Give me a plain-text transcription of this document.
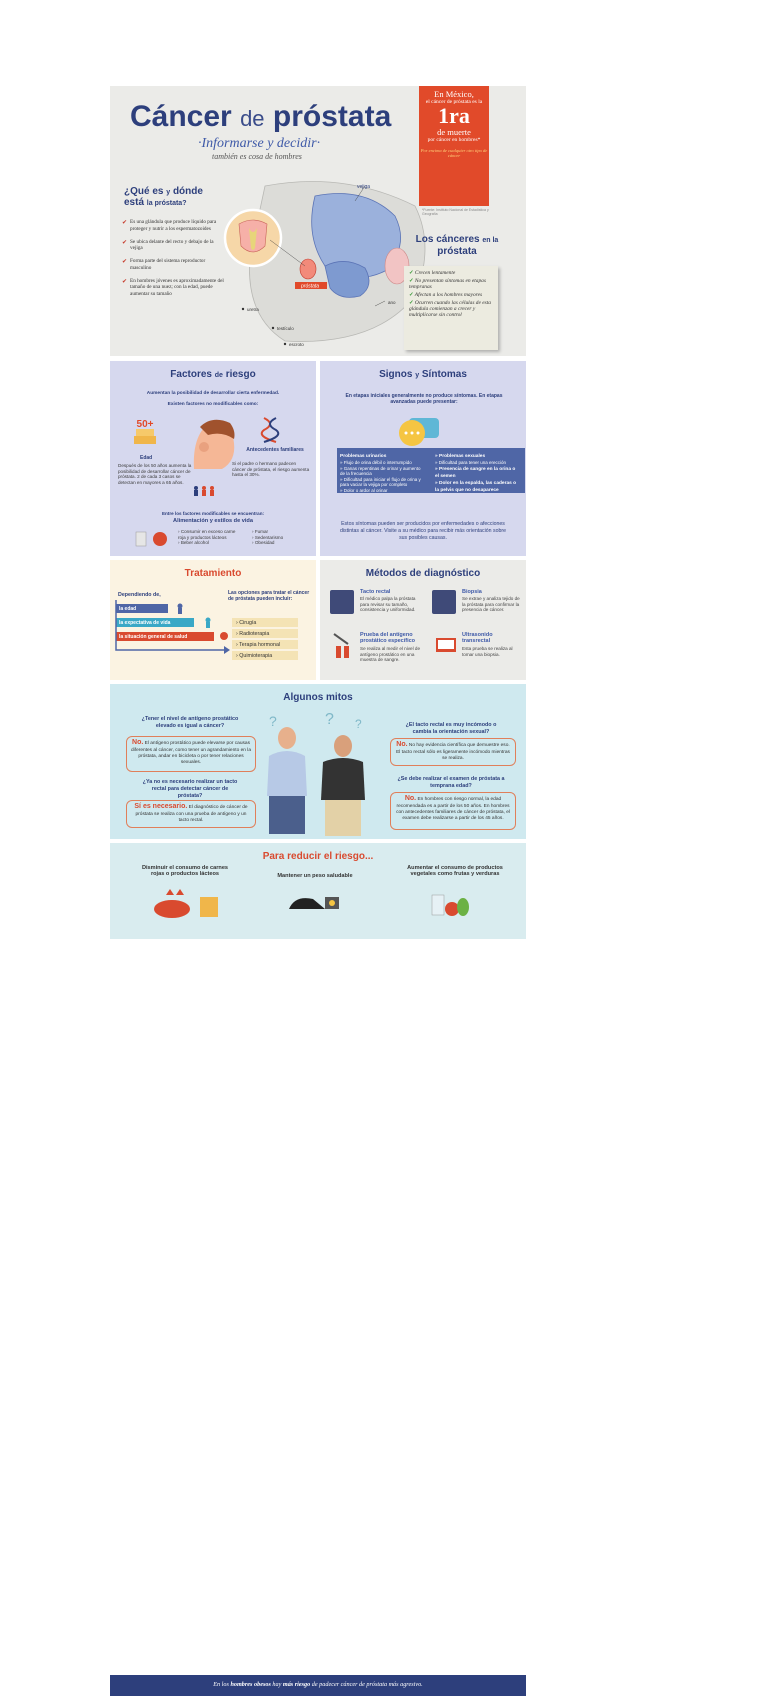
Cáncer de próstata
·Informarse y decidir·
también es cosa de hombres
¿Qué es y dónde
está la próstata?
✔ Es una glándula que produce líquido para proteger y nutrir a los espermatozoides
✔ Se ubica delante del recto y debajo de la vejiga
✔ Forma parte del sistema reproductor masculino
✔ En hombres jóvenes es aproximadamente del tamaño de una nuez; con la edad, puede aumentar su tamaño
próstata
vejiga
ano
uretra
testículo
escroto
En México,
el cáncer de próstata es la
1ra
de muerte
por cáncer en hombres*
Por encima de cualquier otro tipo de cáncer
*Fuente: Instituto Nacional de Estadística y Geografía
Los cánceres en la
próstata
✓ Crecen lentamente
✓ No presentan síntomas en etapas tempranas
✓ Afectan a los hombres mayores
✓ Ocurren cuando las células de esta glándula comienzan a crecer y multiplicarse sin control
Factores de riesgo
Aumentan la posibilidad de desarrollar cierta enfermedad.
Existen factores no modificables como:
50+
Edad
Antecedentes familiares
Después de los 50 años aumenta la posibilidad de desarrollar cáncer de próstata. 2 de cada 3 casos se detectan en mayores a 65 años.
Si el padre o hermano padecen cáncer de próstata, el riesgo aumenta hasta el 30%.
Entre los factores modificables se encuentran:
Alimentación y estilos de vida
› Consumir en exceso carne roja y productos lácteos
› Beber alcohol
› Fumar
› Sedentarismo
› Obesidad
Signos y Síntomas
En etapas iniciales generalmente no produce síntomas. En etapas avanzadas puede presentar:
Problemas urinarios
» Flujo de orina débil o interrumpido
» Ganas repentinas de orinar y aumento de la frecuencia
» Dificultad para iniciar el flujo de orina y para vaciar la vejiga por completo
» Dolor o ardor al orinar
» Problemas sexuales
» Dificultad para tener una erección
» Presencia de sangre en la orina o el semen
» Dolor en la espalda, las caderas o la pelvis que no desaparece
Estos síntomas pueden ser producidos por enfermedades o afecciones distintas al cáncer. Visite a su médico para recibir más orientación sobre sus posibles causas.
Tratamiento
Dependiendo de,
la edad
la expectativa de vida
la situación general de salud
Las opciones para tratar el cáncer de próstata pueden incluir:
› Cirugía
› Radioterapia
› Terapia hormonal
› Quimioterapia
Métodos de diagnóstico
Tacto rectal
El médico palpa la próstata para revisar su tamaño, consistencia y uniformidad.
Biopsia
Se extrae y analiza tejido de la próstata para confirmar la presencia de cáncer.
Prueba del antígeno prostático específico
Se realiza al medir el nivel de antígeno prostático en una muestra de sangre.
Ultrasonido transrectal
Esta prueba se realiza al tomar una biopsia.
Algunos mitos
¿Tener el nivel de antígeno prostático elevado es igual a cáncer?
No. El antígeno prostático puede elevarse por causas diferentes al cáncer, como tener un agrandamiento en la próstata, andar en bicicleta o por tener relaciones sexuales.
¿Ya no es necesario realizar un tacto rectal para detectar cáncer de próstata?
Sí es necesario. El diagnóstico de cáncer de próstata se realiza con una prueba de antígeno y un tacto rectal.
?	? ?	¿El tacto rectal es muy incómodo o cambia la orientación sexual?
No. No hay evidencia científica que demuestre eso. El tacto rectal sólo es ligeramente incómodo mientras se realiza.
¿Se debe realizar el examen de próstata a temprana edad?
No. En hombres con riesgo normal, la edad recomendada es a partir de los 50 años. En hombres con antecedentes familiares de cáncer de próstata, el examen debe realizarse a partir de los 45 años.
Para reducir el riesgo...
Disminuir el consumo de carnes rojas o productos lácteos	Mantener un peso saludable
Aumentar el consumo de productos vegetales como frutas y verduras
En los hombres obesos hay más riesgo de padecer cáncer de próstata más agresivo.
